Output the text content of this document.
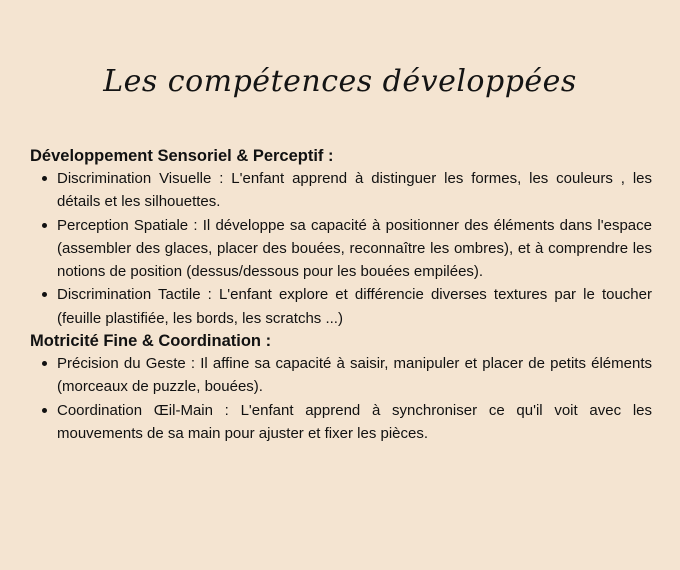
Les compétences développées

Développement Sensoriel & Perceptif :

Discrimination Visuelle : L'enfant apprend à distinguer les formes, les couleurs , les détails et les silhouettes.
Perception Spatiale : Il développe sa capacité à positionner des éléments dans l'espace (assembler des glaces, placer des bouées, reconnaître les ombres), et à comprendre les notions de position (dessus/dessous pour les bouées empilées).
Discrimination Tactile : L'enfant explore et différencie diverses textures par le toucher (feuille plastifiée, les bords, les scratchs ...)

Motricité Fine & Coordination :

Précision du Geste : Il affine sa capacité à saisir, manipuler et placer de petits éléments (morceaux de puzzle, bouées).
Coordination Œil-Main : L'enfant apprend à synchroniser ce qu'il voit avec les mouvements de sa main pour ajuster et fixer les pièces.
